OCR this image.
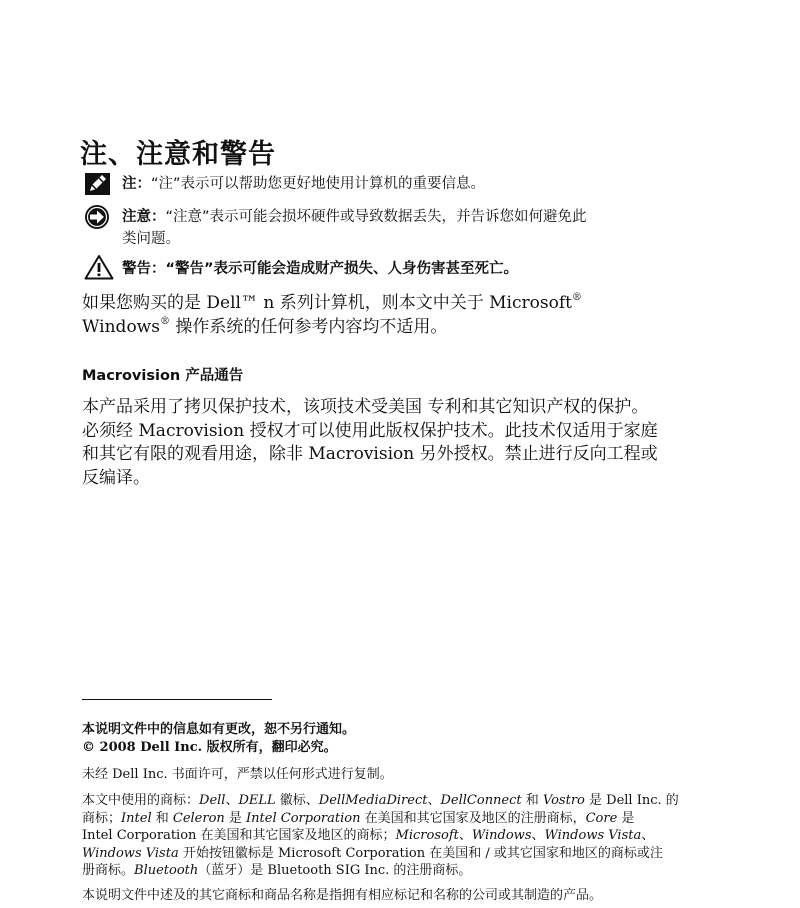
注、注意和警告
注：“注”表示可以帮助您更好地使用计算机的重要信息。
注意：“注意”表示可能会损坏硬件或导致数据丢失，并告诉您如何避免此
类问题。
警告：“警告”表示可能会造成财产损失、人身伤害甚至死亡。
如果您购买的是 Dell™ n 系列计算机，则本文中关于 Microsoft®
Windows® 操作系统的任何参考内容均不适用。
Macrovision 产品通告
本产品采用了拷贝保护技术，该项技术受美国 专利和其它知识产权的保护。
必须经 Macrovision 授权才可以使用此版权保护技术。此技术仅适用于家庭
和其它有限的观看用途，除非 Macrovision 另外授权。禁止进行反向工程或
反编译。
本说明文件中的信息如有更改，恕不另行通知。
© 2008 Dell Inc. 版权所有，翻印必究。
未经 Dell Inc. 书面许可，严禁以任何形式进行复制。
本文中使用的商标：Dell、DELL 徽标、DellMediaDirect、DellConnect 和 Vostro 是 Dell Inc. 的
商标；Intel 和 Celeron 是 Intel Corporation 在美国和其它国家及地区的注册商标，Core 是
Intel Corporation 在美国和其它国家及地区的商标；Microsoft、Windows、Windows Vista、
Windows Vista 开始按钮徽标是 Microsoft Corporation 在美国和 / 或其它国家和地区的商标或注
册商标。Bluetooth（蓝牙）是 Bluetooth SIG Inc. 的注册商标。
本说明文件中述及的其它商标和商品名称是指拥有相应标记和名称的公司或其制造的产品。
